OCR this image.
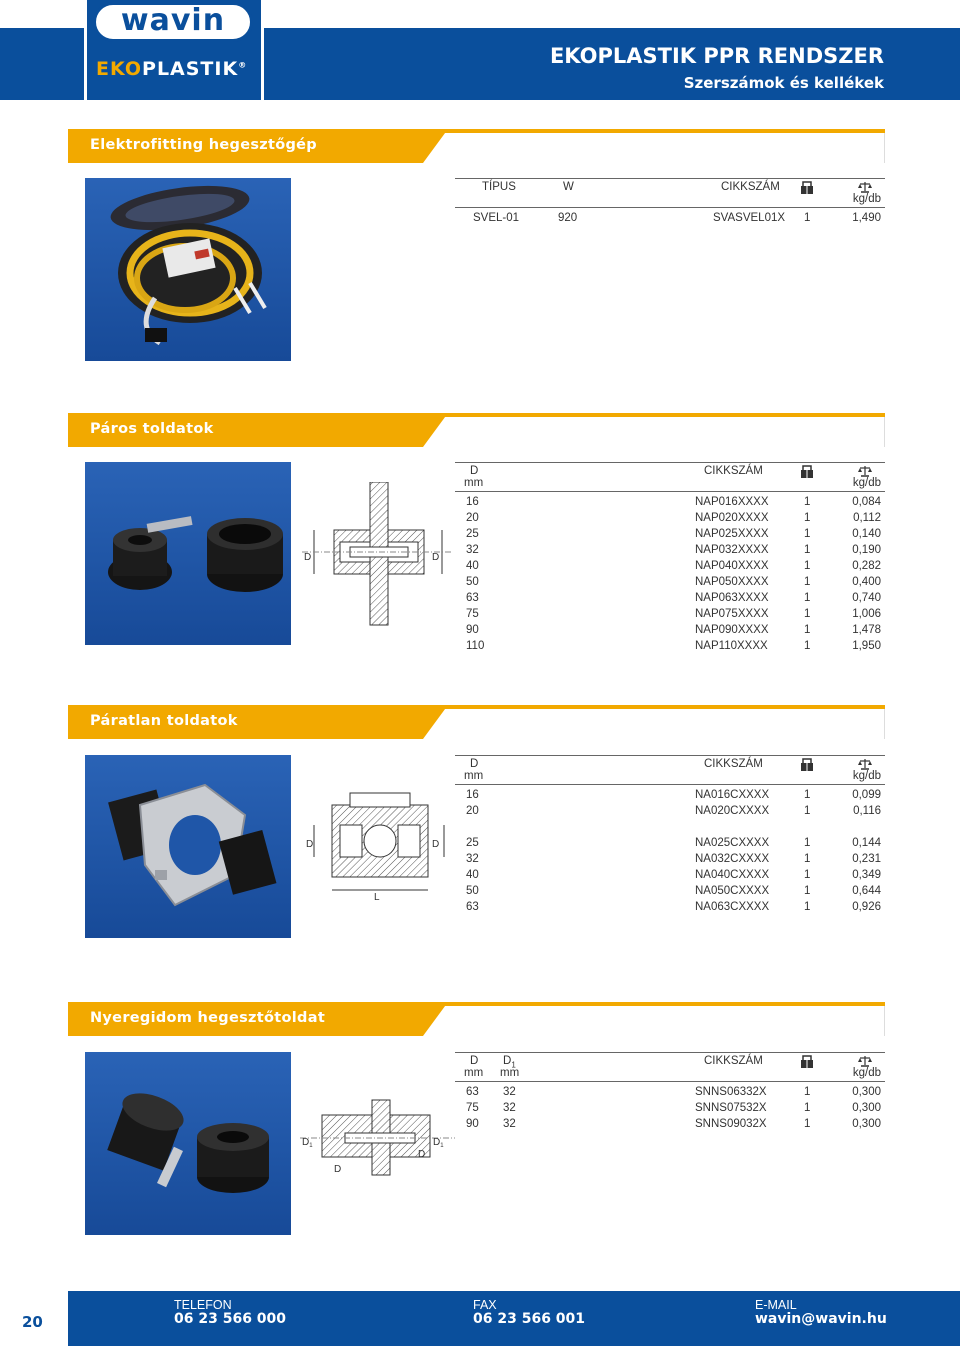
wavin
EKOPLASTIK®	EKOPLASTIK PPR RENDSZER
Szerszámok és kellékek
Elektrofitting hegesztőgép
TÍPUS	W	CIKKSZÁM
kg/db
SVEL-01	920	SVASVEL01X 1	1,490
Páros toldatok
D	D
D
mm
CIKKSZÁM
kg/db
16	NAP016XXXX	1	0,084
20	NAP020XXXX	1	0,112
25	NAP025XXXX	1	0,140
32	NAP032XXXX	1	0,190
40	NAP040XXXX	1	0,282
50	NAP050XXXX	1	0,400
63	NAP063XXXX	1	0,740
75	NAP075XXXX	1	1,006
90	NAP090XXXX	1	1,478
110	NAP110XXXX	1	1,950
Páratlan toldatok
D	D
L
D
mm
CIKKSZÁM
kg/db
16	NA016CXXXX	1	0,099
20	NA020CXXXX	1	0,116
25	NA025CXXXX	1	0,144
32	NA032CXXXX	1	0,231
40	NA040CXXXX	1	0,349
50	NA050CXXXX	1	0,644
63	NA063CXXXX	1	0,926
Nyeregidom hegesztőtoldat
$D_1$	$D_1$
D
D
D $D_1$
mm mm
CIKKSZÁM
kg/db
63 32	SNNS06332X	1	0,300
75 32	SNNS07532X	1	0,300
90 32	SNNS09032X	1	0,300
20
TELEFON
06 23 566 000
FAX
06 23 566 001
E-MAIL
wavin@wavin.hu
